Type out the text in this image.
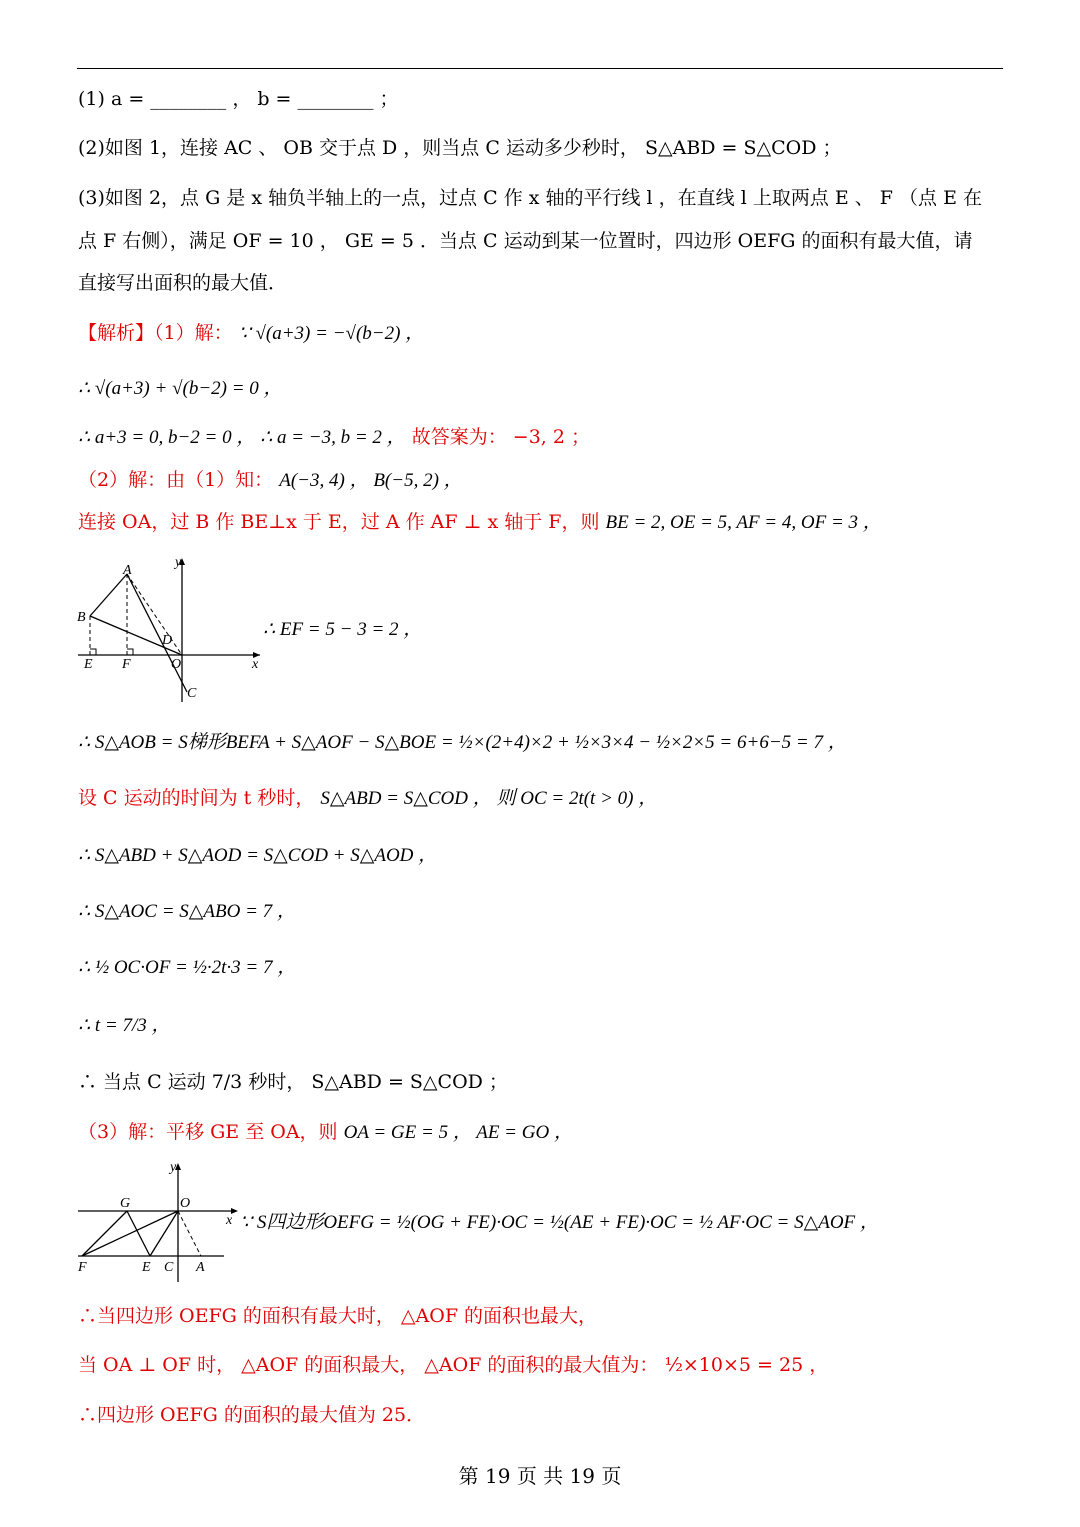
(1) a = ________ ， b = ________ ；
(2)如图 1，连接 AC 、 OB 交于点 D ，则当点 C 运动多少秒时， S△ABD = S△COD ；
(3)如图 2，点 G 是 x 轴负半轴上的一点，过点 C 作 x 轴的平行线 l ，在直线 l 上取两点 E 、 F （点 E 在
点 F 右侧），满足 OF = 10 ， GE = 5 ．当点 C 运动到某一位置时，四边形 OEFG 的面积有最大值，请
直接写出面积的最大值．
【解析】（1）解： ∵ √(a+3) = −√(b−2) ，
∴ √(a+3) + √(b−2) = 0 ，
∴ a+3 = 0, b−2 = 0 ， ∴ a = −3, b = 2 ， 故答案为： −3, 2 ；
（2）解：由（1）知： A(−3, 4) ， B(−5, 2) ，
连接 OA，过 B 作 BE⊥x 于 E，过 A 作 AF ⊥ x 轴于 F，则 BE = 2, OE = 5, AF = 4, OF = 3 ，
y
A
B
D
E F	O	x
C
∴ EF = 5 − 3 = 2 ，
∴ S△AOB = S梯形BEFA + S△AOF − S△BOE = ½×(2+4)×2 + ½×3×4 − ½×2×5 = 6+6−5 = 7 ，
设 C 运动的时间为 t 秒时， S△ABD = S△COD ， 则 OC = 2t(t > 0) ，
∴ S△ABD + S△AOD = S△COD + S△AOD ，
∴ S△AOC = S△ABO = 7 ，
∴ ½ OC·OF = ½·2t·3 = 7 ，
∴ t = 7/3 ，
∴ 当点 C 运动 7/3 秒时， S△ABD = S△COD ；
（3）解：平移 GE 至 OA，则 OA = GE = 5 ， AE = GO ，
y
G	O
x
F	E C A
∵ S四边形OEFG = ½(OG + FE)·OC = ½(AE + FE)·OC = ½ AF·OC = S△AOF ，
∴当四边形 OEFG 的面积有最大时， △AOF 的面积也最大，
当 OA ⊥ OF 时， △AOF 的面积最大， △AOF 的面积的最大值为： ½×10×5 = 25 ，
∴四边形 OEFG 的面积的最大值为 25．
第 19 页 共 19 页
